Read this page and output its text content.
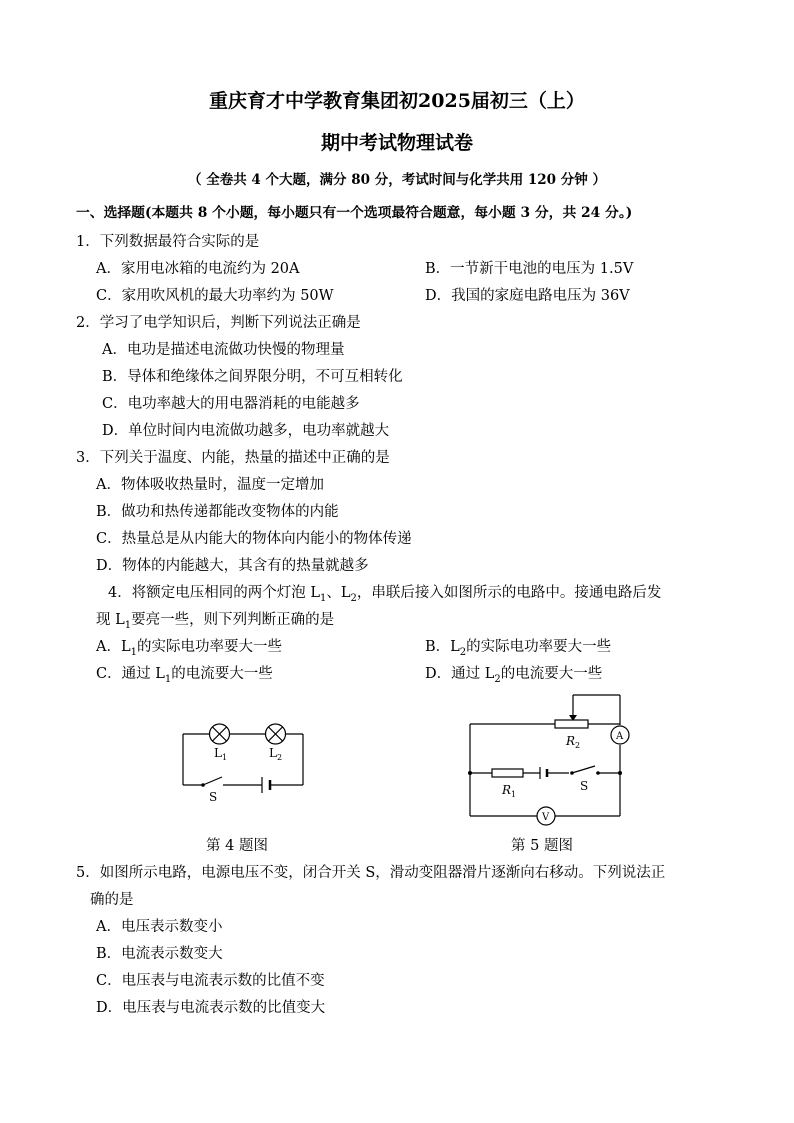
重庆育才中学教育集团初2025届初三（上）
期中考试物理试卷
（ 全卷共 4 个大题，满分 80 分，考试时间与化学共用 120 分钟 ）
一、选择题(本题共 8 个小题，每小题只有一个选项最符合题意，每小题 3 分，共 24 分。)
1．下列数据最符合实际的是
A．家用电冰箱的电流约为 20A	B．一节新干电池的电压为 1.5V
C．家用吹风机的最大功率约为 50W	D．我国的家庭电路电压为 36V
2．学习了电学知识后，判断下列说法正确是
A．电功是描述电流做功快慢的物理量
B．导体和绝缘体之间界限分明，不可互相转化
C．电功率越大的用电器消耗的电能越多
D．单位时间内电流做功越多，电功率就越大
3．下列关于温度、内能，热量的描述中正确的是
A．物体吸收热量时，温度一定增加
B．做功和热传递都能改变物体的内能
C．热量总是从内能大的物体向内能小的物体传递
D．物体的内能越大，其含有的热量就越多
4．将额定电压相同的两个灯泡 $L_1$、$L_2$，串联后接入如图所示的电路中。接通电路后发
现 $L_1$要亮一些，则下列判断正确的是
A．$L_1$的实际电功率要大一些	B．$L_2$的实际电功率要大一些
C．通过 $L_1$的电流要大一些	D．通过 $L_2$的电流要大一些
$L_1$	$L_2$
S
第 4 题图
A
V
$R_2$
$R_1$
S
第 5 题图
5．如图所示电路，电源电压不变，闭合开关 S，滑动变阻器滑片逐渐向右移动。下列说法正
确的是
A．电压表示数变小
B．电流表示数变大
C．电压表与电流表示数的比值不变
D．电压表与电流表示数的比值变大
